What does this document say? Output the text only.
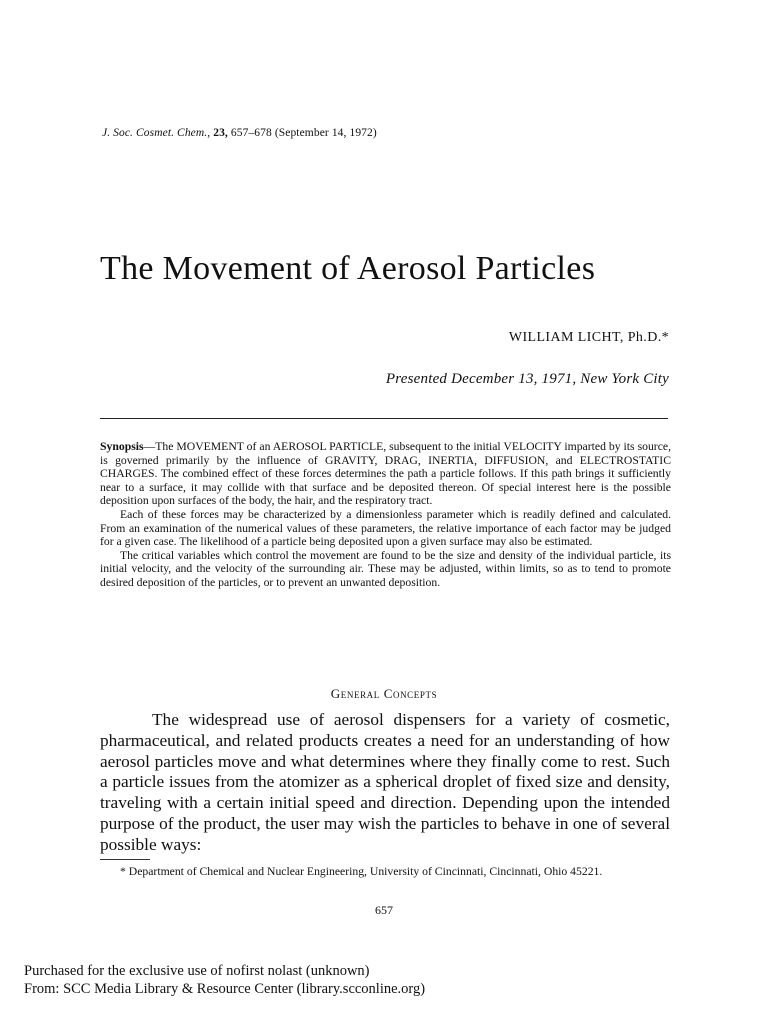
J. Soc. Cosmet. Chem., 23, 657–678 (September 14, 1972)
The Movement of Aerosol Particles
WILLIAM LICHT, Ph.D.*
Presented December 13, 1971, New York City

Synopsis—The MOVEMENT of an AEROSOL PARTICLE, subsequent to the initial VELOCITY imparted by its source, is governed primarily by the influence of GRAVITY, DRAG, INERTIA, DIFFUSION, and ELECTROSTATIC CHARGES. The combined effect of these forces determines the path a particle follows. If this path brings it sufficiently near to a surface, it may collide with that surface and be deposited thereon. Of special interest here is the possible deposition upon surfaces of the body, the hair, and the respiratory tract.

Each of these forces may be characterized by a dimensionless parameter which is readily defined and calculated. From an examination of the numerical values of these parameters, the relative importance of each factor may be judged for a given case. The likelihood of a particle being deposited upon a given surface may also be estimated.

The critical variables which control the movement are found to be the size and density of the individual particle, its initial velocity, and the velocity of the surrounding air. These may be adjusted, within limits, so as to tend to promote desired deposition of the particles, or to prevent an unwanted deposition.

General Concepts

The widespread use of aerosol dispensers for a variety of cosmetic, pharmaceutical, and related products creates a need for an understanding of how aerosol particles move and what determines where they finally come to rest. Such a particle issues from the atomizer as a spherical droplet of fixed size and density, traveling with a certain initial speed and direction. Depending upon the intended purpose of the product, the user may wish the particles to behave in one of several possible ways:

* Department of Chemical and Nuclear Engineering, University of Cincinnati, Cincinnati, Ohio 45221.

657
Purchased for the exclusive use of nofirst nolast (unknown)
From: SCC Media Library & Resource Center (library.scconline.org)
